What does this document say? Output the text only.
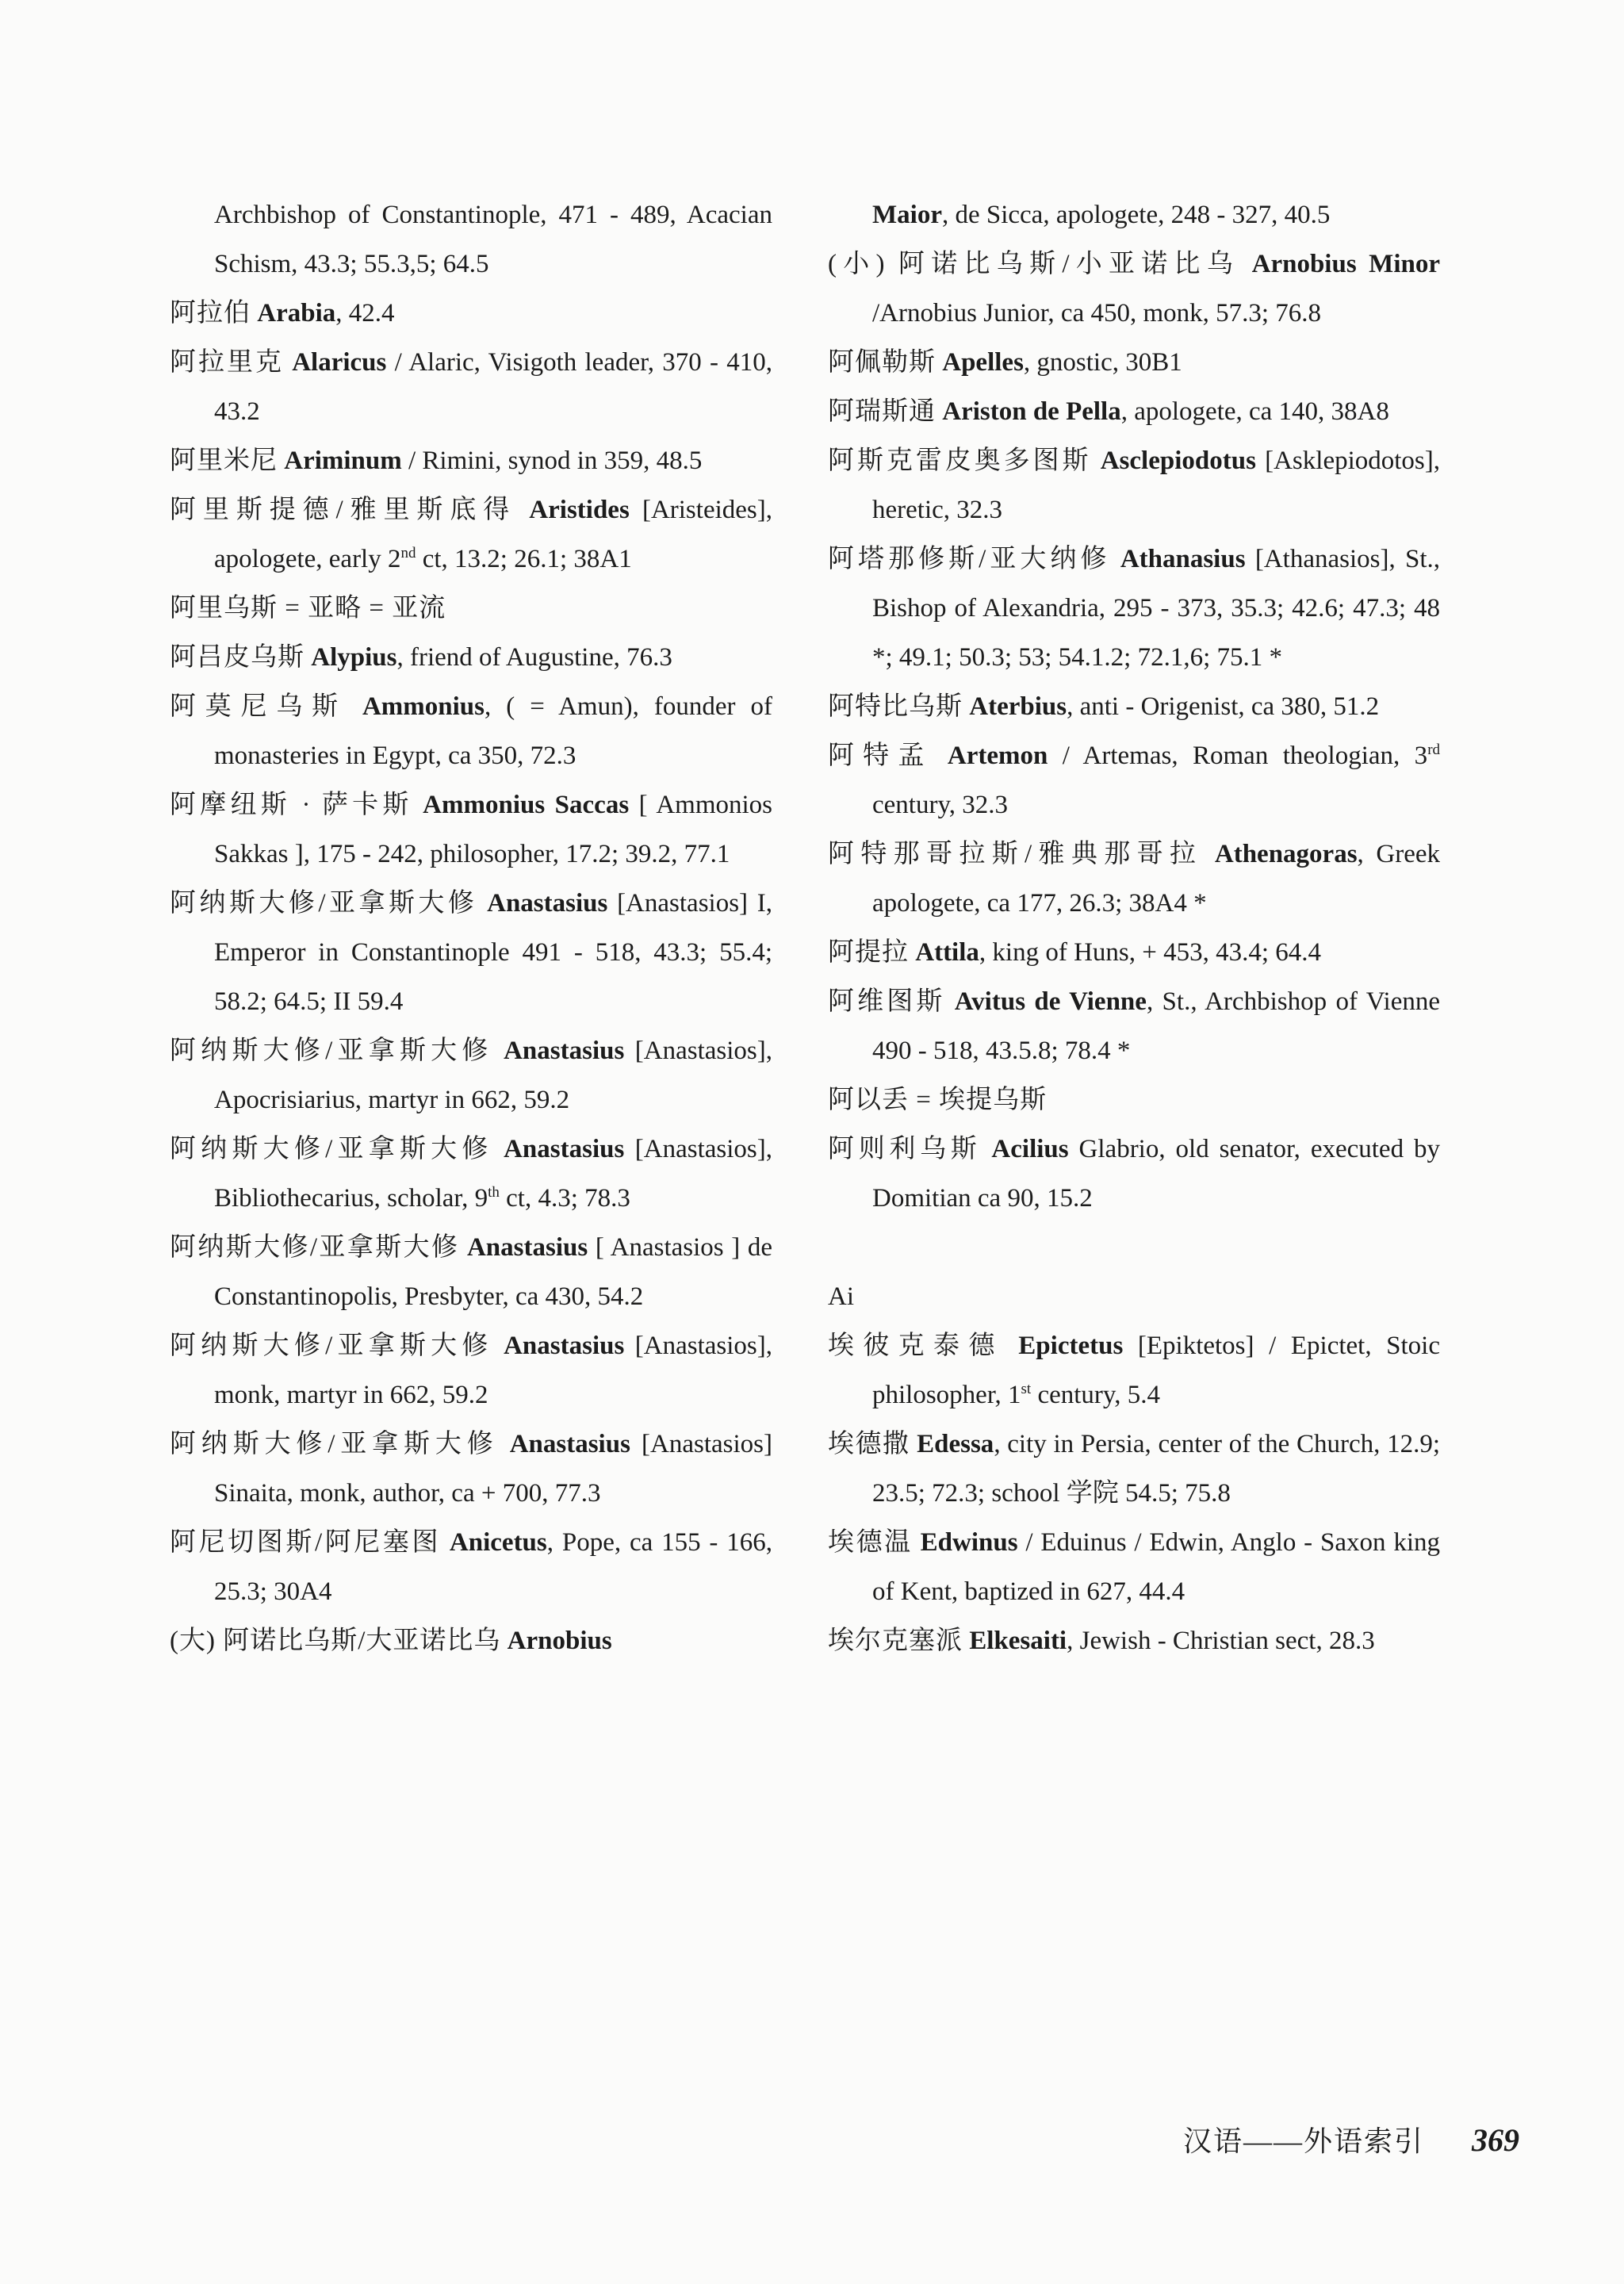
Archbishop of Constantinople, 471 - 489, Acacian Schism, 43.3; 55.3,5; 64.5

阿拉伯 Arabia, 42.4

阿拉里克 Alaricus / Alaric, Visigoth leader, 370 - 410, 43.2

阿里米尼 Ariminum / Rimini, synod in 359, 48.5

阿里斯提德/雅里斯底得 Aristides [Aristeides], apologete, early 2nd ct, 13.2; 26.1; 38A1

阿里乌斯 = 亚略 = 亚流

阿吕皮乌斯 Alypius, friend of Augustine, 76.3

阿莫尼乌斯 Ammonius, ( = Amun), founder of monasteries in Egypt, ca 350, 72.3

阿摩纽斯 · 萨卡斯 Ammonius Saccas [ Ammonios Sakkas ], 175 - 242, philosopher, 17.2; 39.2, 77.1

阿纳斯大修/亚拿斯大修 Anastasius [Anastasios] I, Emperor in Constantinople 491 - 518, 43.3; 55.4; 58.2; 64.5; II 59.4

阿纳斯大修/亚拿斯大修 Anastasius [Anastasios], Apocrisiarius, martyr in 662, 59.2

阿纳斯大修/亚拿斯大修 Anastasius [Anastasios], Bibliothecarius, scholar, 9th ct, 4.3; 78.3

阿纳斯大修/亚拿斯大修 Anastasius [ Anastasios ] de Constantinopolis, Presbyter, ca 430, 54.2

阿纳斯大修/亚拿斯大修 Anastasius [Anastasios], monk, martyr in 662, 59.2

阿纳斯大修/亚拿斯大修 Anastasius [Anastasios] Sinaita, monk, author, ca + 700, 77.3

阿尼切图斯/阿尼塞图 Anicetus, Pope, ca 155 - 166, 25.3; 30A4

(大) 阿诺比乌斯/大亚诺比乌 Arnobius

Maior, de Sicca, apologete, 248 - 327, 40.5

(小) 阿诺比乌斯/小亚诺比乌 Arnobius Minor /Arnobius Junior, ca 450, monk, 57.3; 76.8

阿佩勒斯 Apelles, gnostic, 30B1

阿瑞斯通 Ariston de Pella, apologete, ca 140, 38A8

阿斯克雷皮奥多图斯 Asclepiodotus [Asklepiodotos], heretic, 32.3

阿塔那修斯/亚大纳修 Athanasius [Athanasios], St., Bishop of Alexandria, 295 - 373, 35.3; 42.6; 47.3; 48 *; 49.1; 50.3; 53; 54.1.2; 72.1,6; 75.1 *

阿特比乌斯 Aterbius, anti - Origenist, ca 380, 51.2

阿特孟 Artemon / Artemas, Roman theologian, 3rd century, 32.3

阿特那哥拉斯/雅典那哥拉 Athenagoras, Greek apologete, ca 177, 26.3; 38A4 *

阿提拉 Attila, king of Huns, + 453, 43.4; 64.4

阿维图斯 Avitus de Vienne, St., Archbishop of Vienne 490 - 518, 43.5.8; 78.4 *

阿以丢 = 埃提乌斯

阿则利乌斯 Acilius Glabrio, old senator, executed by Domitian ca 90, 15.2

Ai

埃彼克泰德 Epictetus [Epiktetos] / Epictet, Stoic philosopher, 1st century, 5.4

埃德撒 Edessa, city in Persia, center of the Church, 12.9; 23.5; 72.3; school 学院 54.5; 75.8

埃德温 Edwinus / Eduinus / Edwin, Anglo - Saxon king of Kent, baptized in 627, 44.4

埃尔克塞派 Elkesaiti, Jewish - Christian sect, 28.3

汉语——外语索引 369
